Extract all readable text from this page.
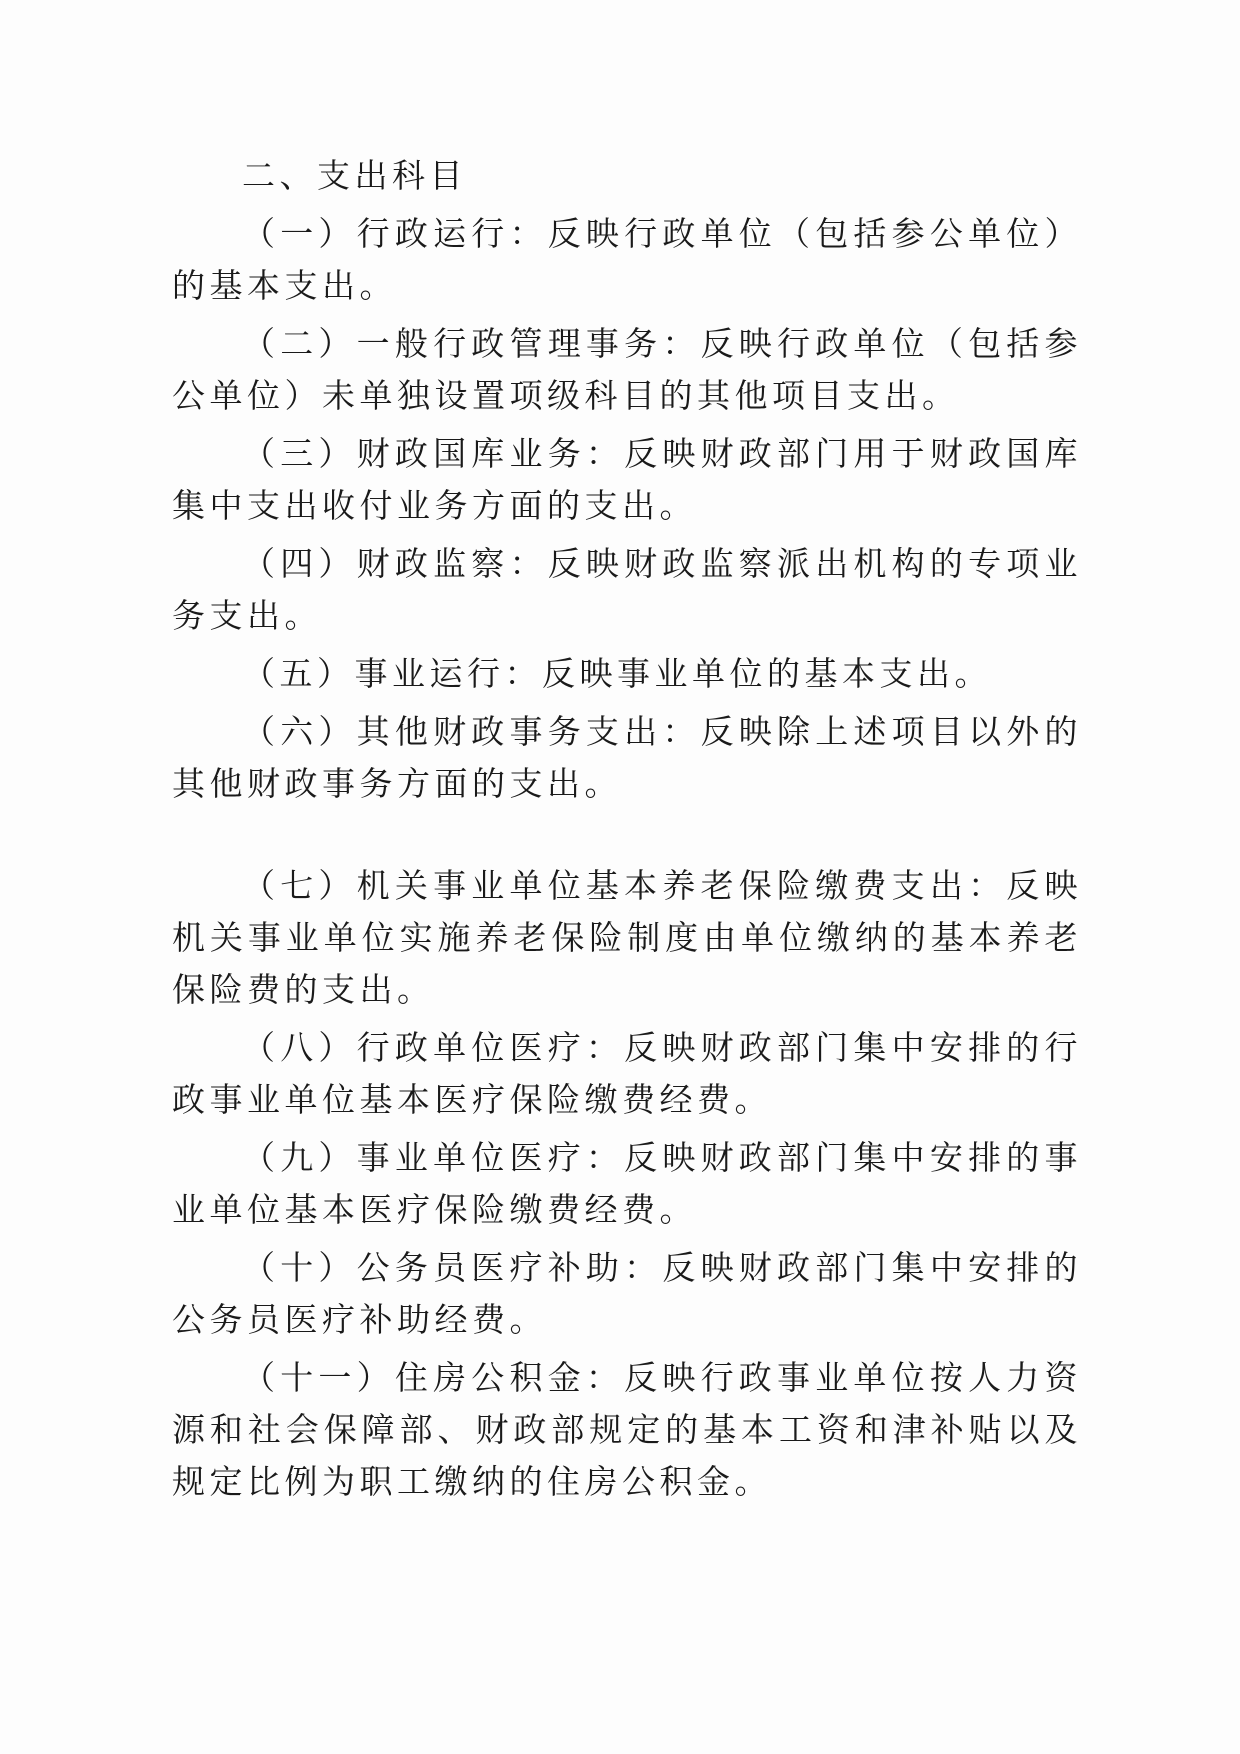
二、支出科目

（一）行政运行：反映行政单位（包括参公单位）的基本支出。

（二）一般行政管理事务：反映行政单位（包括参公单位）未单独设置项级科目的其他项目支出。

（三）财政国库业务：反映财政部门用于财政国库集中支出收付业务方面的支出。

（四）财政监察：反映财政监察派出机构的专项业务支出。

（五）事业运行：反映事业单位的基本支出。

（六）其他财政事务支出：反映除上述项目以外的其他财政事务方面的支出。

（七）机关事业单位基本养老保险缴费支出：反映机关事业单位实施养老保险制度由单位缴纳的基本养老保险费的支出。

（八）行政单位医疗：反映财政部门集中安排的行政事业单位基本医疗保险缴费经费。

（九）事业单位医疗：反映财政部门集中安排的事业单位基本医疗保险缴费经费。

（十）公务员医疗补助：反映财政部门集中安排的公务员医疗补助经费。

（十一）住房公积金：反映行政事业单位按人力资源和社会保障部、财政部规定的基本工资和津补贴以及规定比例为职工缴纳的住房公积金。
